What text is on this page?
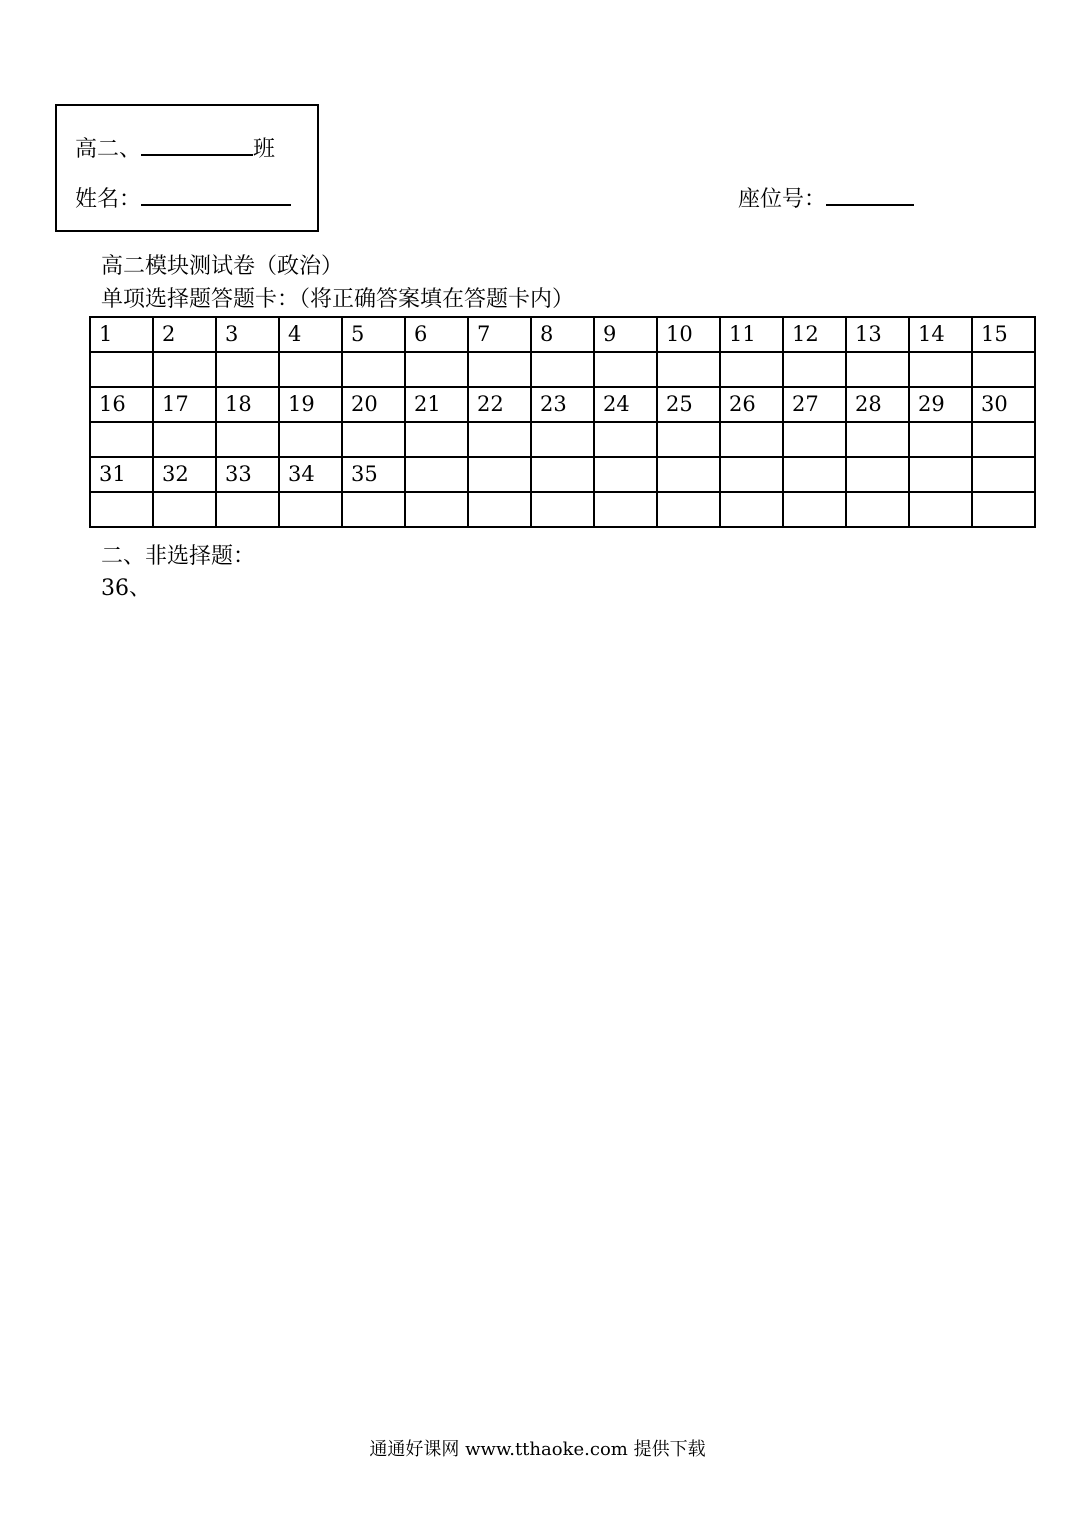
高二、	班
姓名：	座位号：
高二模块测试卷（政治）
单项选择题答题卡：（将正确答案填在答题卡内）
1	2	3	4	5	6	7	8	9	10	11	12	13	14	15

16	17	18	19	20	21	22	23	24	25	26	27	28	29	30

31	32	33	34	35										

二、非选择题：
36、
通通好课网 www.tthaoke.com 提供下载
